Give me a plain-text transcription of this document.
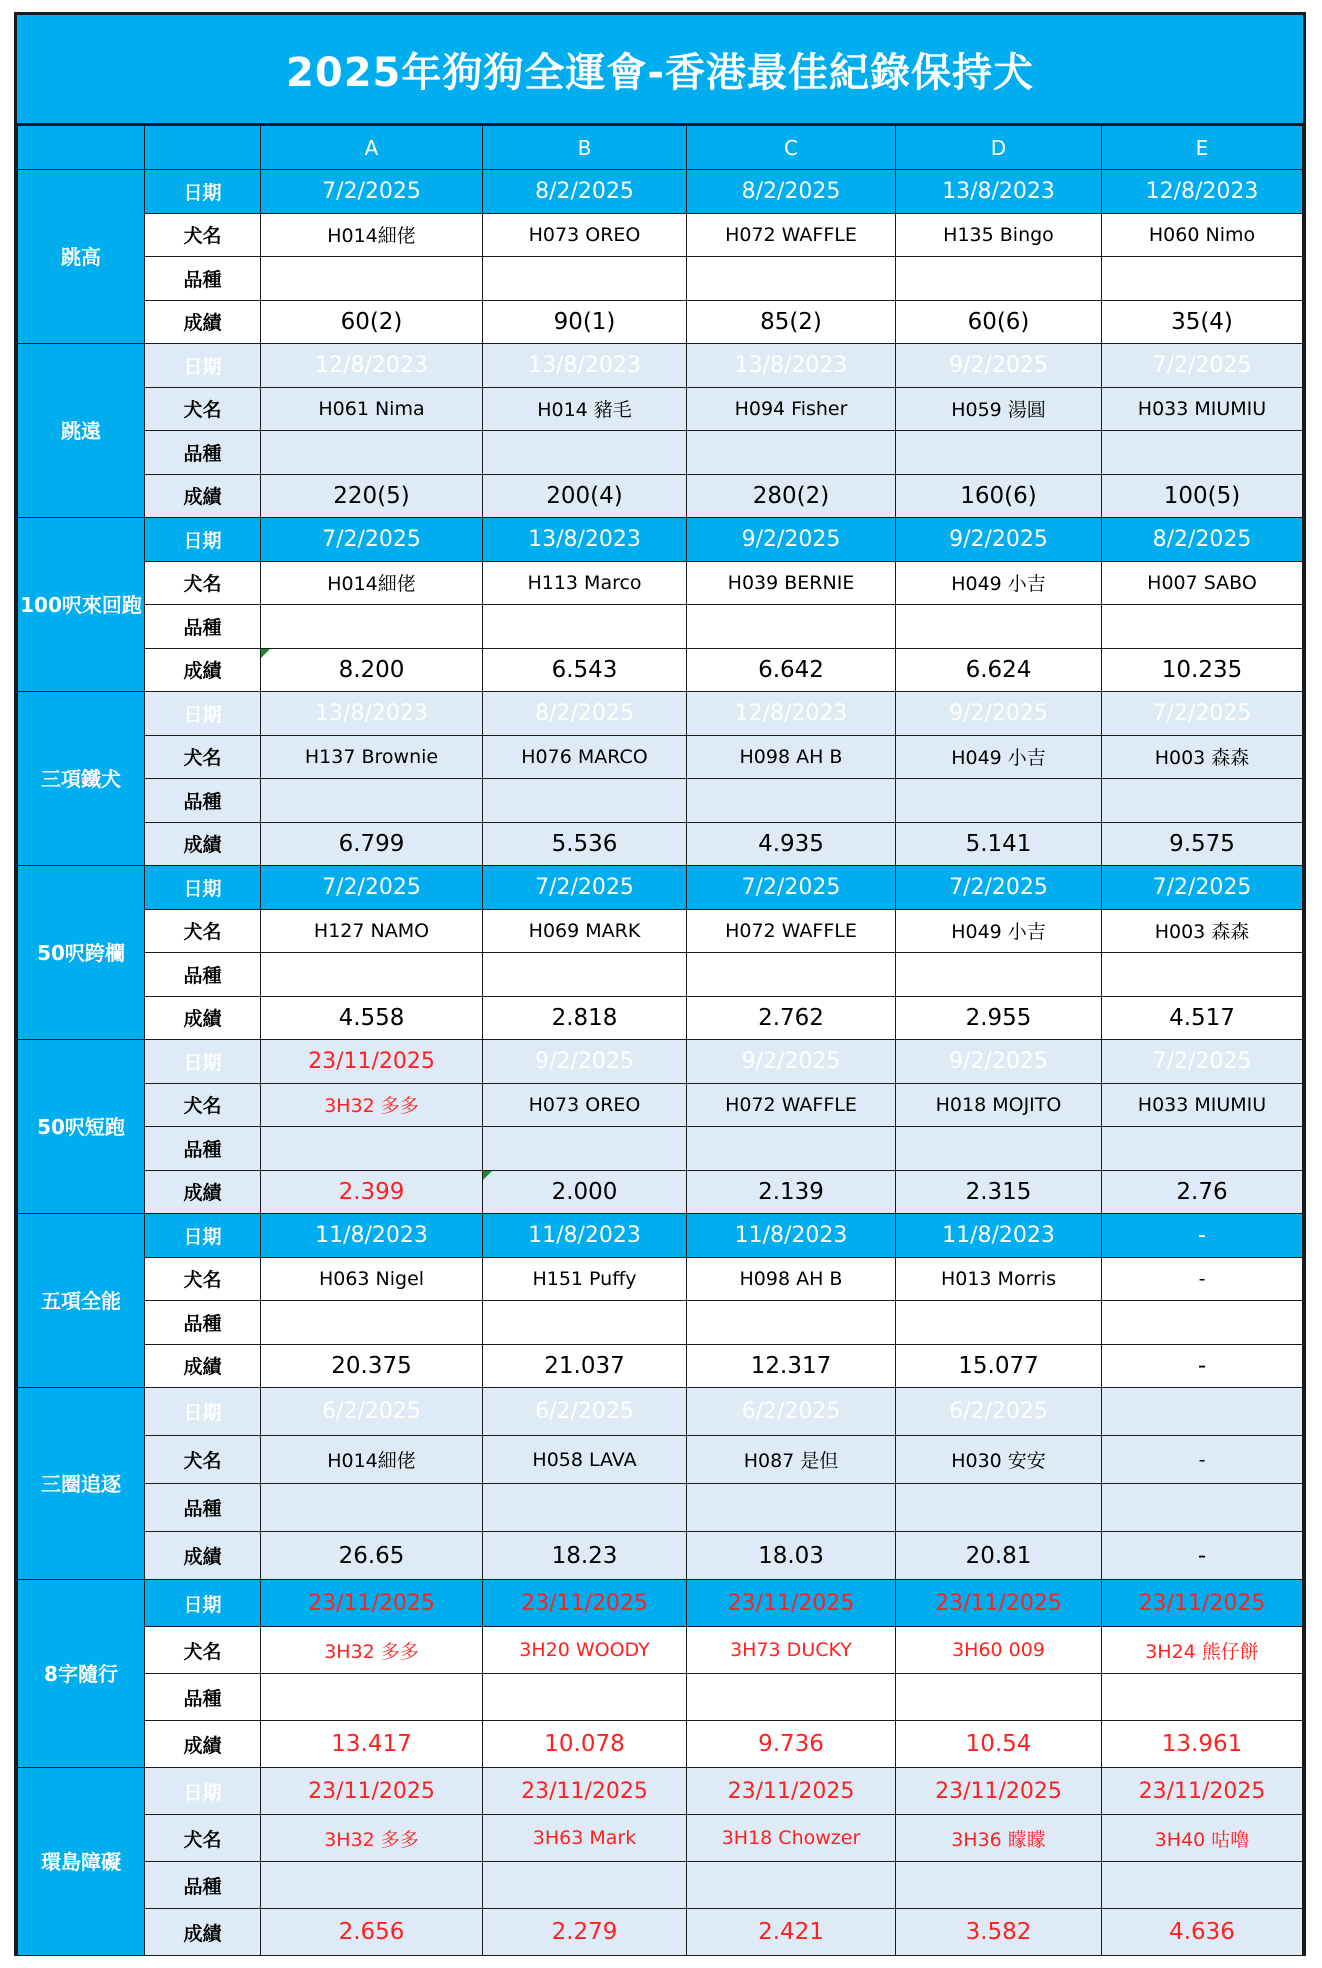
2025年狗狗全運會-香港最佳紀錄保持犬
		A	B	C	D	E
跳高	日期	7/2/2025	8/2/2025	8/2/2025	13/8/2023	12/8/2023
	犬名	H014細佬	H073 OREO	H072 WAFFLE	H135 Bingo	H060 Nimo
	品種					
	成績	60(2)	90(1)	85(2)	60(6)	35(4)
跳遠	日期	12/8/2023	13/8/2023	13/8/2023	9/2/2025	7/2/2025
	犬名	H061 Nima	H014 豬毛	H094 Fisher	H059 湯圓	H033 MIUMIU
	品種					
	成績	220(5)	200(4)	280(2)	160(6)	100(5)
100呎來回跑	日期	7/2/2025	13/8/2023	9/2/2025	9/2/2025	8/2/2025
	犬名	H014細佬	H113 Marco	H039 BERNIE	H049 小吉	H007 SABO
	品種					
	成績	8.200	6.543	6.642	6.624	10.235
三項鐵犬	日期	13/8/2023	8/2/2025	12/8/2023	9/2/2025	7/2/2025
	犬名	H137 Brownie	H076 MARCO	H098 AH B	H049 小吉	H003 森森
	品種					
	成績	6.799	5.536	4.935	5.141	9.575
50呎跨欄	日期	7/2/2025	7/2/2025	7/2/2025	7/2/2025	7/2/2025
	犬名	H127 NAMO	H069 MARK	H072 WAFFLE	H049 小吉	H003 森森
	品種					
	成績	4.558	2.818	2.762	2.955	4.517
50呎短跑	日期	23/11/2025	9/2/2025	9/2/2025	9/2/2025	7/2/2025
	犬名	3H32 多多	H073 OREO	H072 WAFFLE	H018 MOJITO	H033 MIUMIU
	品種					
	成績	2.399	2.000	2.139	2.315	2.76
五項全能	日期	11/8/2023	11/8/2023	11/8/2023	11/8/2023	-
	犬名	H063 Nigel	H151 Puffy	H098 AH B	H013 Morris	-
	品種					
	成績	20.375	21.037	12.317	15.077	-
三圈追逐	日期	6/2/2025	6/2/2025	6/2/2025	6/2/2025	
	犬名	H014細佬	H058 LAVA	H087 是但	H030 安安	-
	品種					
	成績	26.65	18.23	18.03	20.81	-
8字隨行	日期	23/11/2025	23/11/2025	23/11/2025	23/11/2025	23/11/2025
	犬名	3H32 多多	3H20 WOODY	3H73 DUCKY	3H60 009	3H24 熊仔餅
	品種					
	成績	13.417	10.078	9.736	10.54	13.961
環島障礙	日期	23/11/2025	23/11/2025	23/11/2025	23/11/2025	23/11/2025
	犬名	3H32 多多	3H63 Mark	3H18 Chowzer	3H36 矇矇	3H40 咕嚕
	品種					
	成績	2.656	2.279	2.421	3.582	4.636
